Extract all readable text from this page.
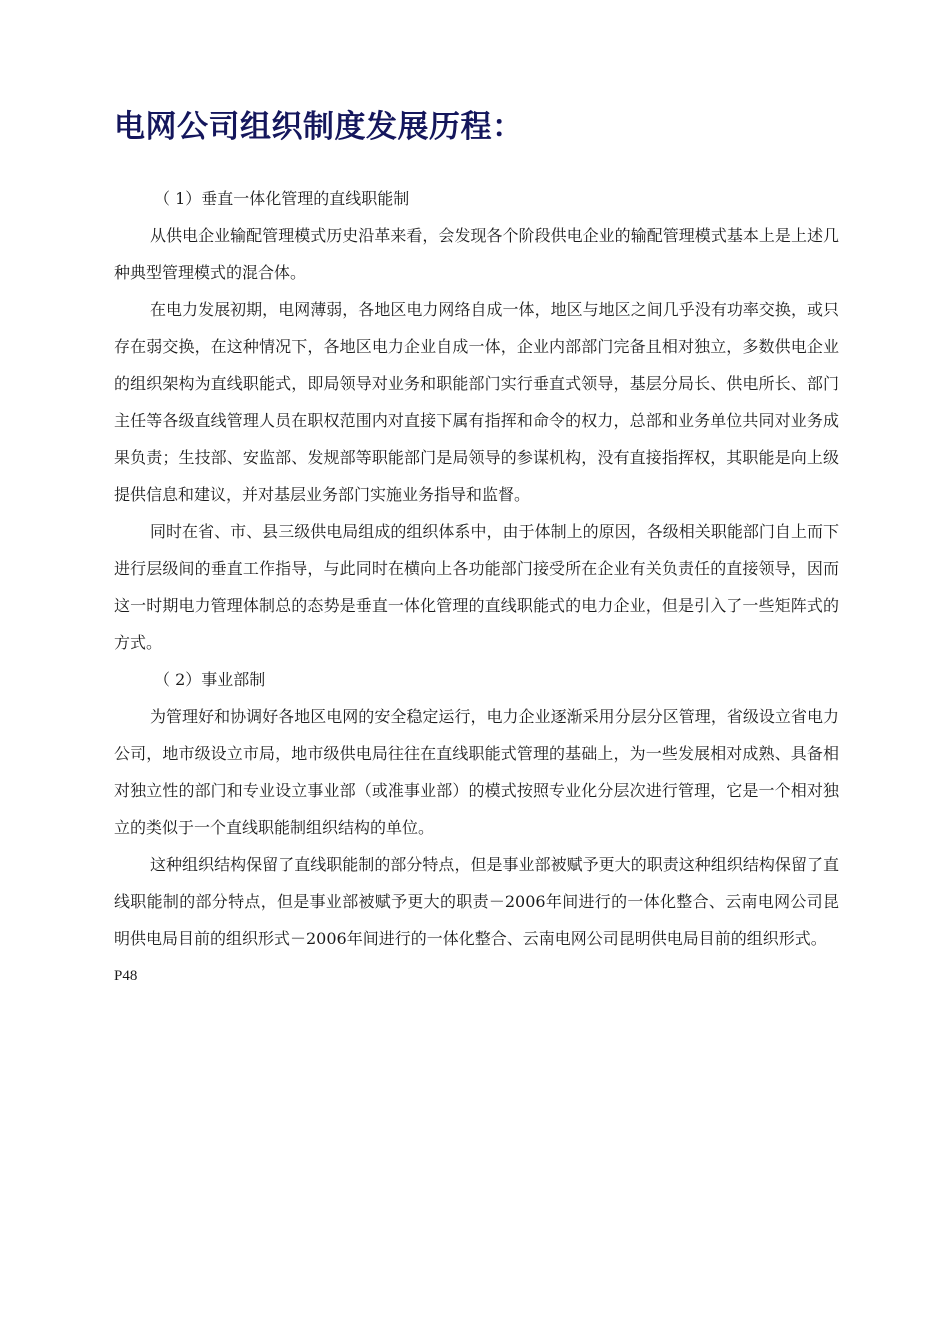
电网公司组织制度发展历程：

（ 1）垂直一体化管理的直线职能制

从供电企业输配管理模式历史沿革来看，会发现各个阶段供电企业的输配管理模式基本上是上述几种典型管理模式的混合体。

在电力发展初期，电网薄弱，各地区电力网络自成一体，地区与地区之间几乎没有功率交换，或只存在弱交换，在这种情况下，各地区电力企业自成一体，企业内部部门完备且相对独立，多数供电企业的组织架构为直线职能式，即局领导对业务和职能部门实行垂直式领导，基层分局长、供电所长、部门主任等各级直线管理人员在职权范围内对直接下属有指挥和命令的权力，总部和业务单位共同对业务成果负责；生技部、安监部、发规部等职能部门是局领导的参谋机构，没有直接指挥权，其职能是向上级提供信息和建议，并对基层业务部门实施业务指导和监督。

同时在省、市、县三级供电局组成的组织体系中，由于体制上的原因，各级相关职能部门自上而下进行层级间的垂直工作指导，与此同时在横向上各功能部门接受所在企业有关负责任的直接领导，因而这一时期电力管理体制总的态势是垂直一体化管理的直线职能式的电力企业，但是引入了一些矩阵式的方式。

（ 2）事业部制

为管理好和协调好各地区电网的安全稳定运行，电力企业逐渐采用分层分区管理，省级设立省电力公司，地市级设立市局，地市级供电局往往在直线职能式管理的基础上，为一些发展相对成熟、具备相对独立性的部门和专业设立事业部（或准事业部）的模式按照专业化分层次进行管理，它是一个相对独立的类似于一个直线职能制组织结构的单位。

这种组织结构保留了直线职能制的部分特点，但是事业部被赋予更大的职责这种组织结构保留了直线职能制的部分特点，但是事业部被赋予更大的职责－2006年间进行的一体化整合、云南电网公司昆明供电局目前的组织形式－2006年间进行的一体化整合、云南电网公司昆明供电局目前的组织形式。

P48
